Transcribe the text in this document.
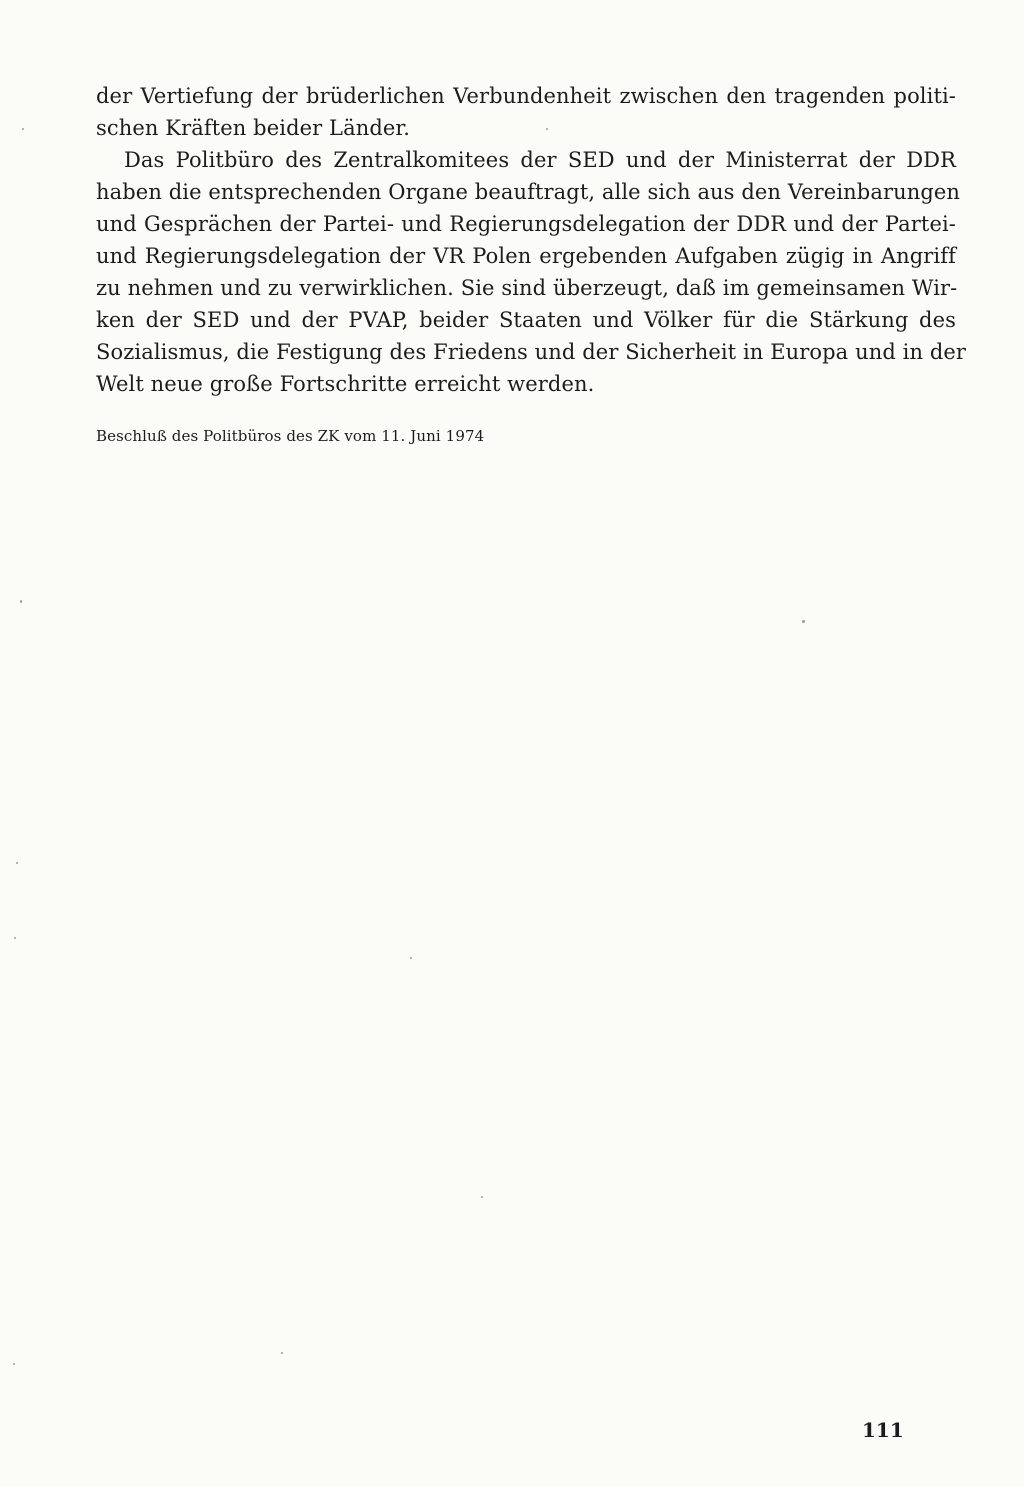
der Vertiefung der brüderlichen Verbundenheit zwischen den tragenden politi-
schen Kräften beider Länder.
Das Politbüro des Zentralkomitees der SED und der Ministerrat der DDR
haben die entsprechenden Organe beauftragt, alle sich aus den Vereinbarungen
und Gesprächen der Partei- und Regierungsdelegation der DDR und der Partei-
und Regierungsdelegation der VR Polen ergebenden Aufgaben zügig in Angriff
zu nehmen und zu verwirklichen. Sie sind überzeugt, daß im gemeinsamen Wir-
ken der SED und der PVAP, beider Staaten und Völker für die Stärkung des
Sozialismus, die Festigung des Friedens und der Sicherheit in Europa und in der
Welt neue große Fortschritte erreicht werden.
Beschluß des Politbüros des ZK vom 11. Juni 1974
111
